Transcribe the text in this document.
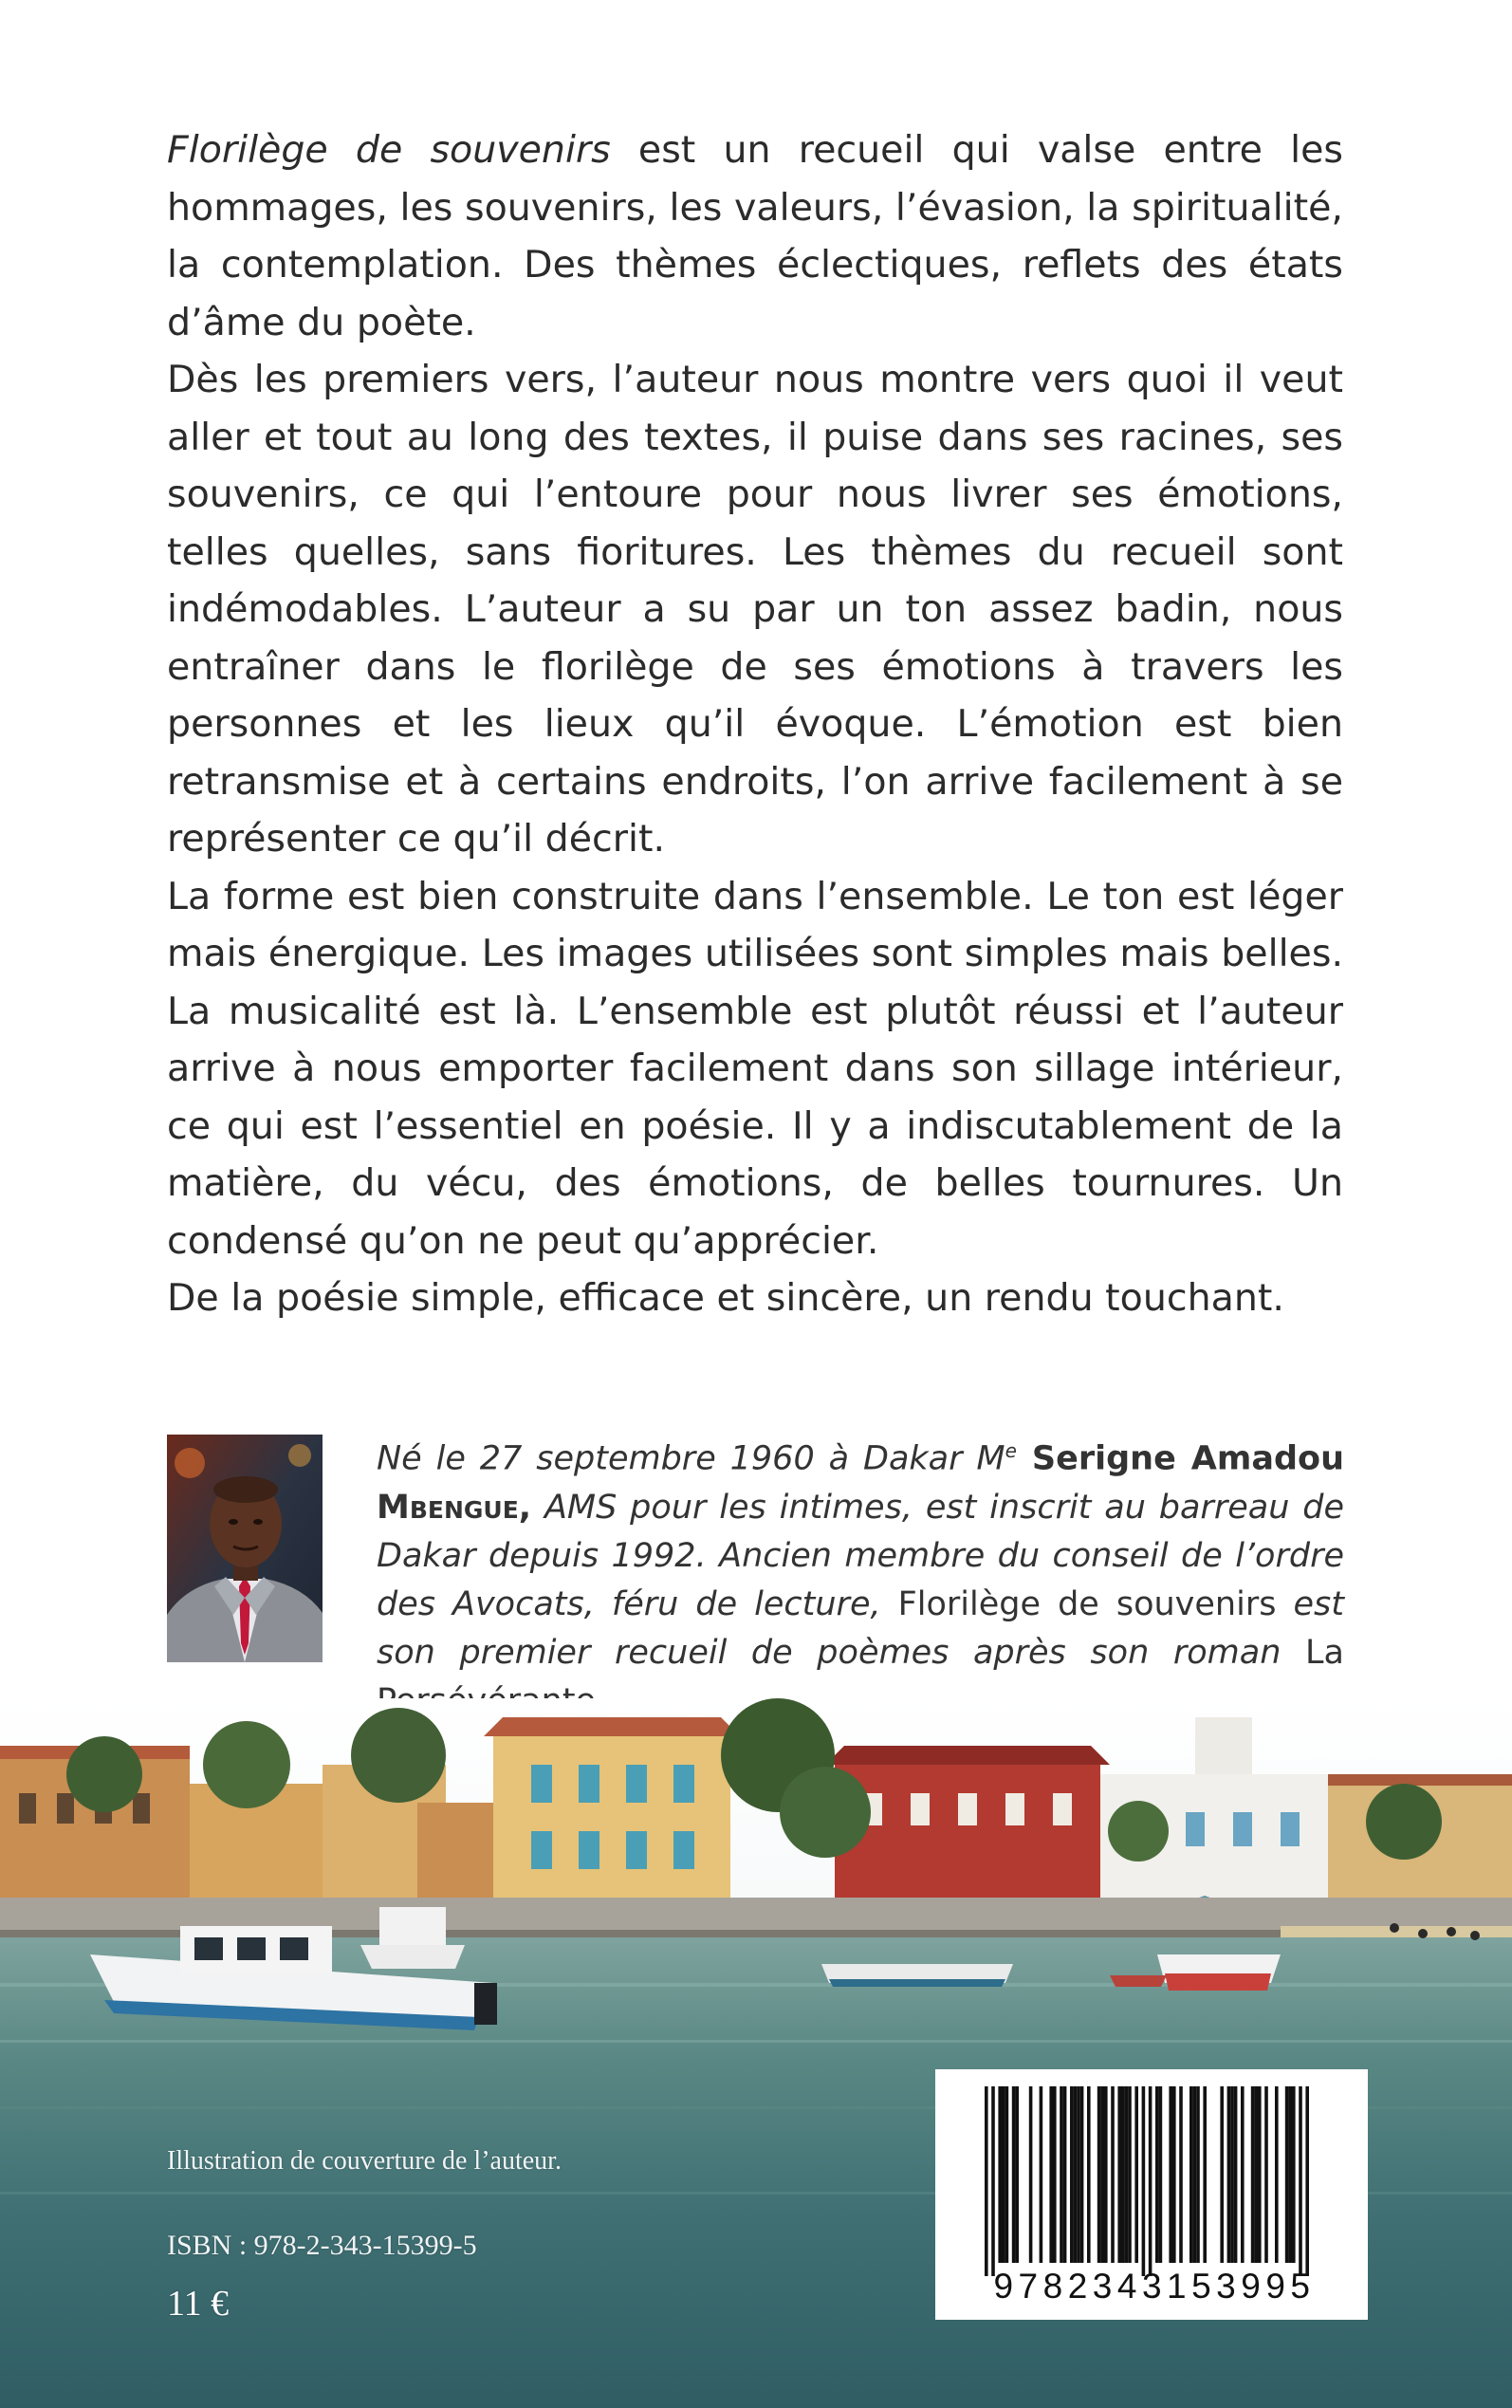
Florilège de souvenirs est un recueil qui valse entre les hommages, les souvenirs, les valeurs, l’évasion, la spiritualité, la contemplation. Des thèmes éclectiques, reflets des états d’âme du poète.

Dès les premiers vers, l’auteur nous montre vers quoi il veut aller et tout au long des textes, il puise dans ses racines, ses souvenirs, ce qui l’entoure pour nous livrer ses émotions, telles quelles, sans fioritures. Les thèmes du recueil sont indémodables. L’auteur a su par un ton assez badin, nous entraîner dans le florilège de ses émotions à travers les personnes et les lieux qu’il évoque. L’émotion est bien retransmise et à certains endroits, l’on arrive facilement à se représenter ce qu’il décrit.

La forme est bien construite dans l’ensemble. Le ton est léger mais énergique. Les images utilisées sont simples mais belles. La musicalité est là. L’ensemble est plutôt réussi et l’auteur arrive à nous emporter facilement dans son sillage intérieur, ce qui est l’essentiel en poésie. Il y a indiscutablement de la matière, du vécu, des émotions, de belles tournures. Un condensé qu’on ne peut qu’apprécier.

De la poésie simple, efficace et sincère, un rendu touchant.

Né le 27 septembre 1960 à Dakar Me Serigne Amadou Mbengue, AMS pour les intimes, est inscrit au barreau de Dakar depuis 1992. Ancien membre du conseil de l’ordre des Avocats, féru de lecture, Florilège de souvenirs est son premier recueil de poèmes après son roman La
Illustration de couverture de l’auteur.
ISBN : 978-2-343-15399-5
11 €	9782343153995
